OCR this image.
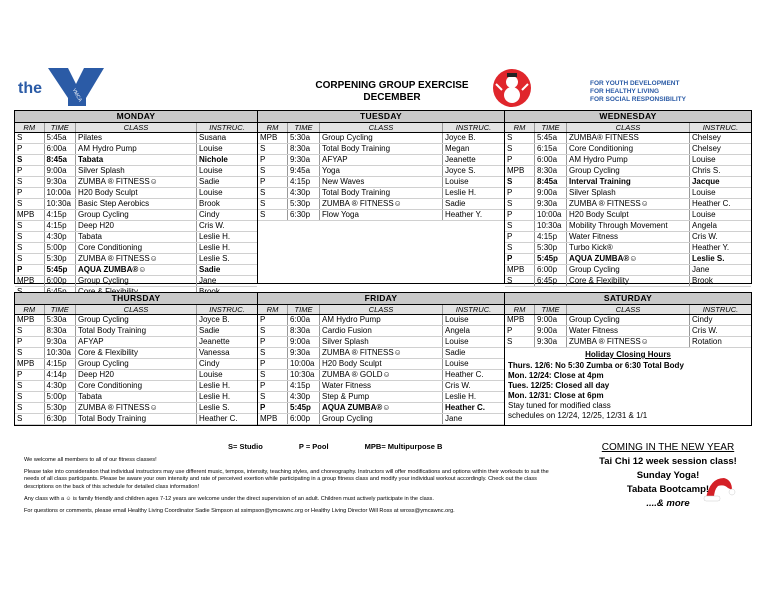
the	YMCA
CORPENING GROUP EXERCISE
DECEMBER
FOR YOUTH DEVELOPMENT
FOR HEALTHY LIVING
FOR SOCIAL RESPONSIBILITY
MONDAY
RM	TIME	CLASS	INSTRUC.
S	5:45a	Pilates	Susana
P	6:00a	AM Hydro Pump	Louise
S	8:45a	Tabata	Nichole
P	9:00a	Silver Splash	Louise
S	9:30a	ZUMBA ® FITNESS☺	Sadie
P	10:00a	H20 Body Sculpt	Louise
S	10:30a	Basic Step Aerobics	Brook
MPB	4:15p	Group Cycling	Cindy
S	4:15p	Deep H20	Cris W.
S	4:30p	Tabata	Leslie H.
S	5:00p	Core Conditioning	Leslie H.
S	5:30p	ZUMBA ® FITNESS☺	Leslie S.
P	5:45p	AQUA ZUMBA®☺	Sadie
MPB	6:00p	Group Cycling	Jane

TUESDAY
RM	TIME	CLASS	INSTRUC.
MPB	5:30a	Group Cycling	Joyce B.
S	8:30a	Total Body Training	Megan
P	9:30a	AFYAP	Jeanette
S	9:45a	Yoga	Joyce S.
P	4:15p	New Waves	Louise
S	4:30p	Total Body Training	Leslie H.
S	5:30p	ZUMBA ® FITNESS☺	Sadie
S	6:30p	Flow Yoga	Heather Y.
WEDNESDAY
RM	TIME	CLASS	INSTRUC.
S	5:45a	ZUMBA® FITNESS	Chelsey
S	6:15a	Core Conditioning	Chelsey
P	6:00a	AM Hydro Pump	Louise
MPB	8:30a	Group Cycling	Chris S.
S	8:45a	Interval Training	Jacque
P	9:00a	Silver Splash	Louise
S	9:30a	ZUMBA ® FITNESS☺	Heather C.
P	10:00a	H20 Body Sculpt	Louise
S	10:30a	Mobility Through Movement	Angela
P	4:15p	Water Fitness	Cris W.
S	5:30p	Turbo Kick®	Heather Y.
P	5:45p	AQUA ZUMBA®☺	Leslie S.
MPB	6:00p	Group Cycling	Jane
S	6:45p	Core & Flexibility	Brook
THURSDAY
RM	TIME	CLASS	INSTRUC.
MPB	5:30a	Group Cycling	Joyce B.
S	8:30a	Total Body Training	Sadie
P	9:30a	AFYAP	Jeanette
S	10:30a	Core & Flexibility	Vanessa
MPB	4:15p	Group Cycling	Cindy
P	4:14p	Deep H20	Louise
S	4:30p	Core Conditioning	Leslie H.
S	5:00p	Tabata	Leslie H.
S	5:30p	ZUMBA ® FITNESS☺	Leslie S.
S	6:30p	Total Body Training	Heather C.
FRIDAY
RM	TIME	CLASS	INSTRUC.
P	6:00a	AM Hydro Pump	Louise
S	8:30a	Cardio Fusion	Angela
P	9:00a	Silver Splash	Louise
S	9:30a	ZUMBA ® FITNESS☺	Sadie
P	10:00a	H20 Body Sculpt	Louise
S	10:30a	ZUMBA ® GOLD☺	Heather C.
P	4:15p	Water Fitness	Cris W.
S	4:30p	Step & Pump	Leslie H.
P	5:45p	AQUA ZUMBA®☺	Heather C.
MPB	6:00p	Group Cycling	Jane
SATURDAY
RM	TIME	CLASS	INSTRUC.
MPB	9:00a	Group Cycling	Cindy
P	9:00a	Water Fitness	Cris W.
S	9:30a	ZUMBA ® FITNESS☺	Rotation
Holiday Closing Hours
Thurs. 12/6: No 5:30 Zumba or 6:30 Total Body
Mon. 12/24: Close at 4pm
Tues. 12/25: Closed all day
Mon. 12/31: Close at 6pm
Stay tuned for modified class
schedules on 12/24, 12/25, 12/31 & 1/1
S= Studio	P = Pool	MPB= Multipurpose B

We welcome all members to all of our fitness classes!

Please take into consideration that individual instructors may use different music, tempos, intensity, teaching styles, and choreography. Instructors will offer modifications and options within their workouts to suit the needs of all class participants. Please be aware your own intensity and rate of perceived exertion while participating in a group fitness class and modify your individual workout accordingly. Check out the class descriptions on the back of this schedule for detailed class information!

Any class with a ☺ is family friendly and children ages 7-12 years are welcome under the direct supervision of an adult. Children must actively participate in the class.

For questions or comments, please email Healthy Living Coordinator Sadie Simpson at ssimpson@ymcawnc.org or Healthy Living Director Will Ross at wross@ymcawnc.org.

COMING IN THE NEW YEAR
Tai Chi 12 week session class!
Sunday Yoga!
Tabata Bootcamp!
....& more
